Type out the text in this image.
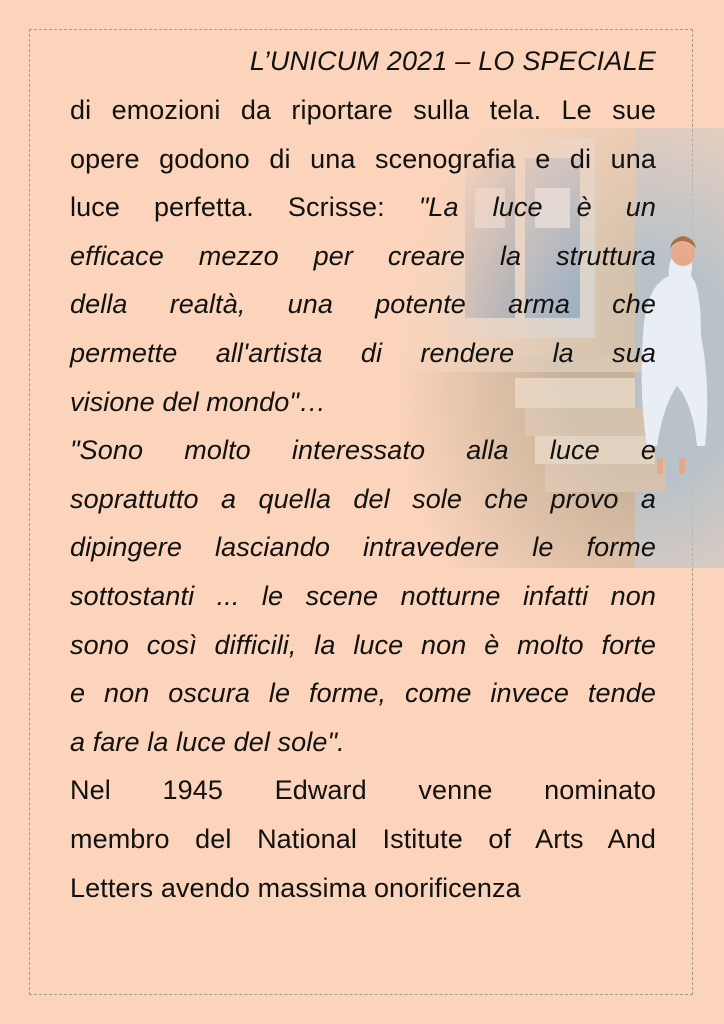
L’UNICUM 2021 – LO SPECIALE
di emozioni da riportare sulla tela. Le sue
opere godono di una scenografia e di una
luce perfetta. Scrisse: "La luce è un
efficace mezzo per creare la struttura
della realtà, una potente arma che
permette all'artista di rendere la sua
visione del mondo"…
"Sono molto interessato alla luce e
soprattutto a quella del sole che provo a
dipingere lasciando intravedere le forme
sottostanti ... le scene notturne infatti non
sono così difficili, la luce non è molto forte
e non oscura le forme, come invece tende
a fare la luce del sole".
Nel 1945 Edward venne nominato
membro del National Istitute of Arts And
Letters avendo massima onorificenza
